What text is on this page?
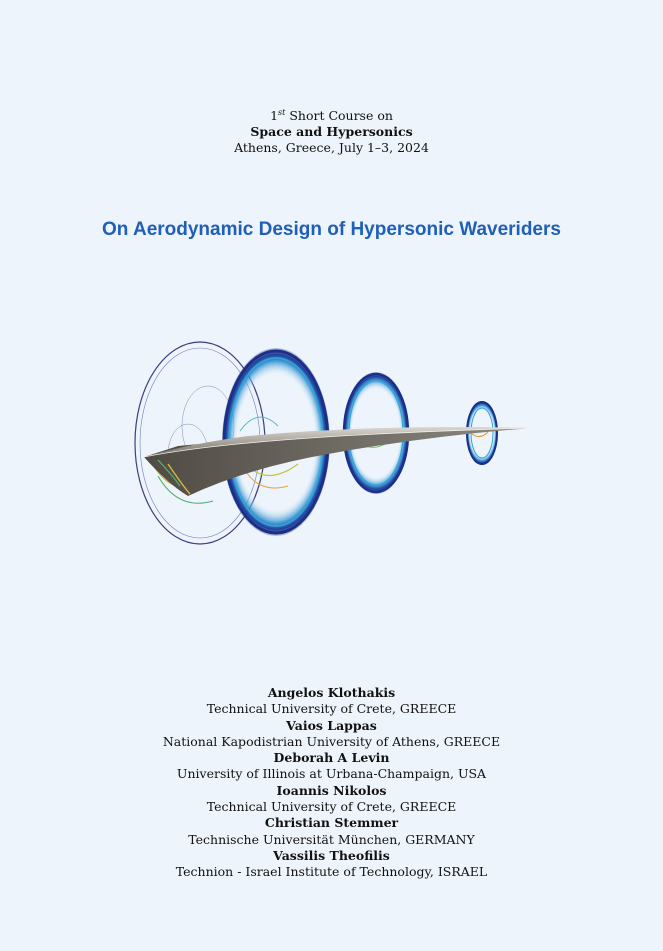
1st Short Course on
Space and Hypersonics
Athens, Greece, July 1–3, 2024
On Aerodynamic Design of Hypersonic Waveriders
Angelos Klothakis
Technical University of Crete, GREECE
Vaios Lappas
National Kapodistrian University of Athens, GREECE
Deborah A Levin
University of Illinois at Urbana-Champaign, USA
Ioannis Nikolos
Technical University of Crete, GREECE
Christian Stemmer
Technische Universität München, GERMANY
Vassilis Theofilis
Technion - Israel Institute of Technology, ISRAEL
